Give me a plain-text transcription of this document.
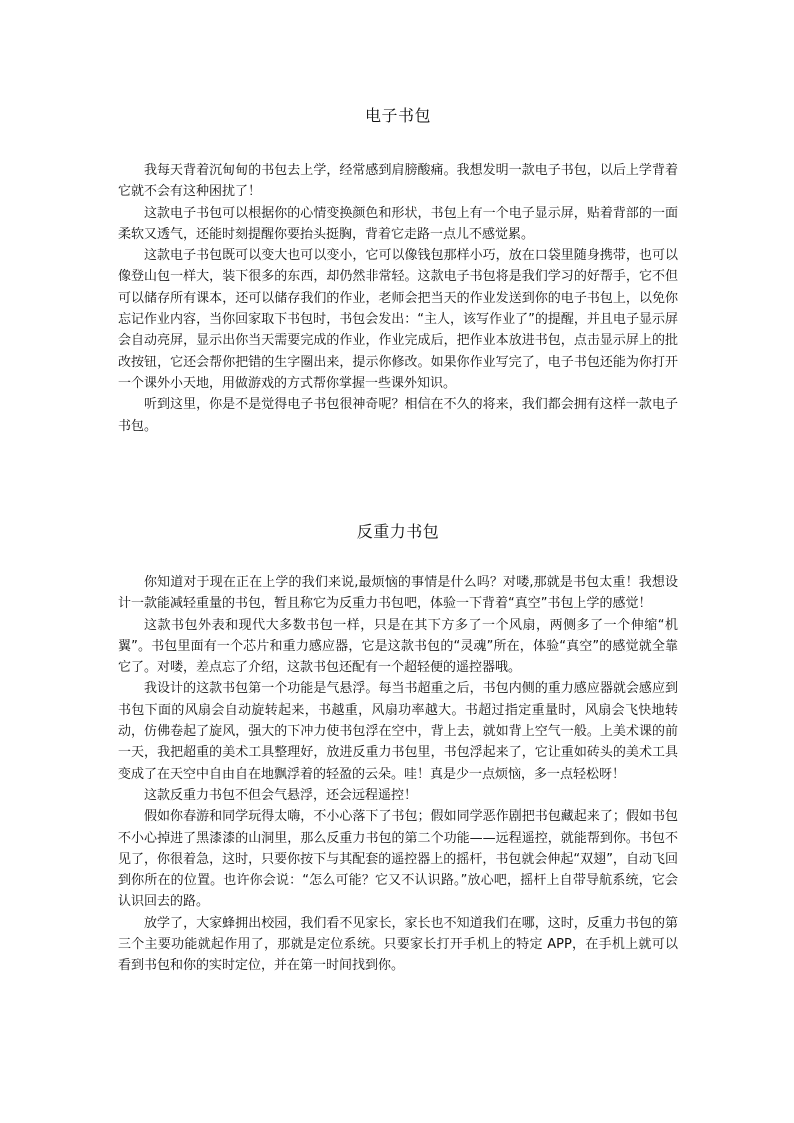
电子书包

我每天背着沉甸甸的书包去上学，经常感到肩膀酸痛。我想发明一款电子书包，以后上学背着它就不会有这种困扰了！

这款电子书包可以根据你的心情变换颜色和形状，书包上有一个电子显示屏，贴着背部的一面柔软又透气，还能时刻提醒你要抬头挺胸，背着它走路一点儿不感觉累。

这款电子书包既可以变大也可以变小，它可以像钱包那样小巧，放在口袋里随身携带，也可以像登山包一样大，装下很多的东西，却仍然非常轻。这款电子书包将是我们学习的好帮手，它不但可以储存所有课本，还可以储存我们的作业，老师会把当天的作业发送到你的电子书包上，以免你忘记作业内容，当你回家取下书包时，书包会发出：“主人，该写作业了”的提醒，并且电子显示屏会自动亮屏，显示出你当天需要完成的作业，作业完成后，把作业本放进书包，点击显示屏上的批改按钮，它还会帮你把错的生字圈出来，提示你修改。如果你作业写完了，电子书包还能为你打开一个课外小天地，用做游戏的方式帮你掌握一些课外知识。

听到这里，你是不是觉得电子书包很神奇呢？相信在不久的将来，我们都会拥有这样一款电子书包。

反重力书包

你知道对于现在正在上学的我们来说,最烦恼的事情是什么吗？对喽,那就是书包太重！我想设计一款能减轻重量的书包，暂且称它为反重力书包吧，体验一下背着“真空”书包上学的感觉！

这款书包外表和现代大多数书包一样，只是在其下方多了一个风扇，两侧多了一个伸缩“机翼”。书包里面有一个芯片和重力感应器，它是这款书包的“灵魂”所在，体验“真空”的感觉就全靠它了。对喽，差点忘了介绍，这款书包还配有一个超轻便的遥控器哦。

我设计的这款书包第一个功能是气悬浮。每当书超重之后，书包内侧的重力感应器就会感应到书包下面的风扇会自动旋转起来，书越重，风扇功率越大。书超过指定重量时，风扇会飞快地转动，仿佛卷起了旋风，强大的下冲力使书包浮在空中，背上去，就如背上空气一般。上美术课的前一天，我把超重的美术工具整理好，放进反重力书包里，书包浮起来了，它让重如砖头的美术工具变成了在天空中自由自在地飘浮着的轻盈的云朵。哇！真是少一点烦恼，多一点轻松呀！

这款反重力书包不但会气悬浮，还会远程遥控！

假如你春游和同学玩得太嗨，不小心落下了书包；假如同学恶作剧把书包藏起来了；假如书包不小心掉进了黑漆漆的山洞里，那么反重力书包的第二个功能——远程遥控，就能帮到你。书包不见了，你很着急，这时，只要你按下与其配套的遥控器上的摇杆，书包就会伸起“双翅”，自动飞回到你所在的位置。也许你会说：“怎么可能？它又不认识路。”放心吧，摇杆上自带导航系统，它会认识回去的路。

放学了，大家蜂拥出校园，我们看不见家长，家长也不知道我们在哪，这时，反重力书包的第三个主要功能就起作用了，那就是定位系统。只要家长打开手机上的特定 APP，在手机上就可以看到书包和你的实时定位，并在第一时间找到你。
